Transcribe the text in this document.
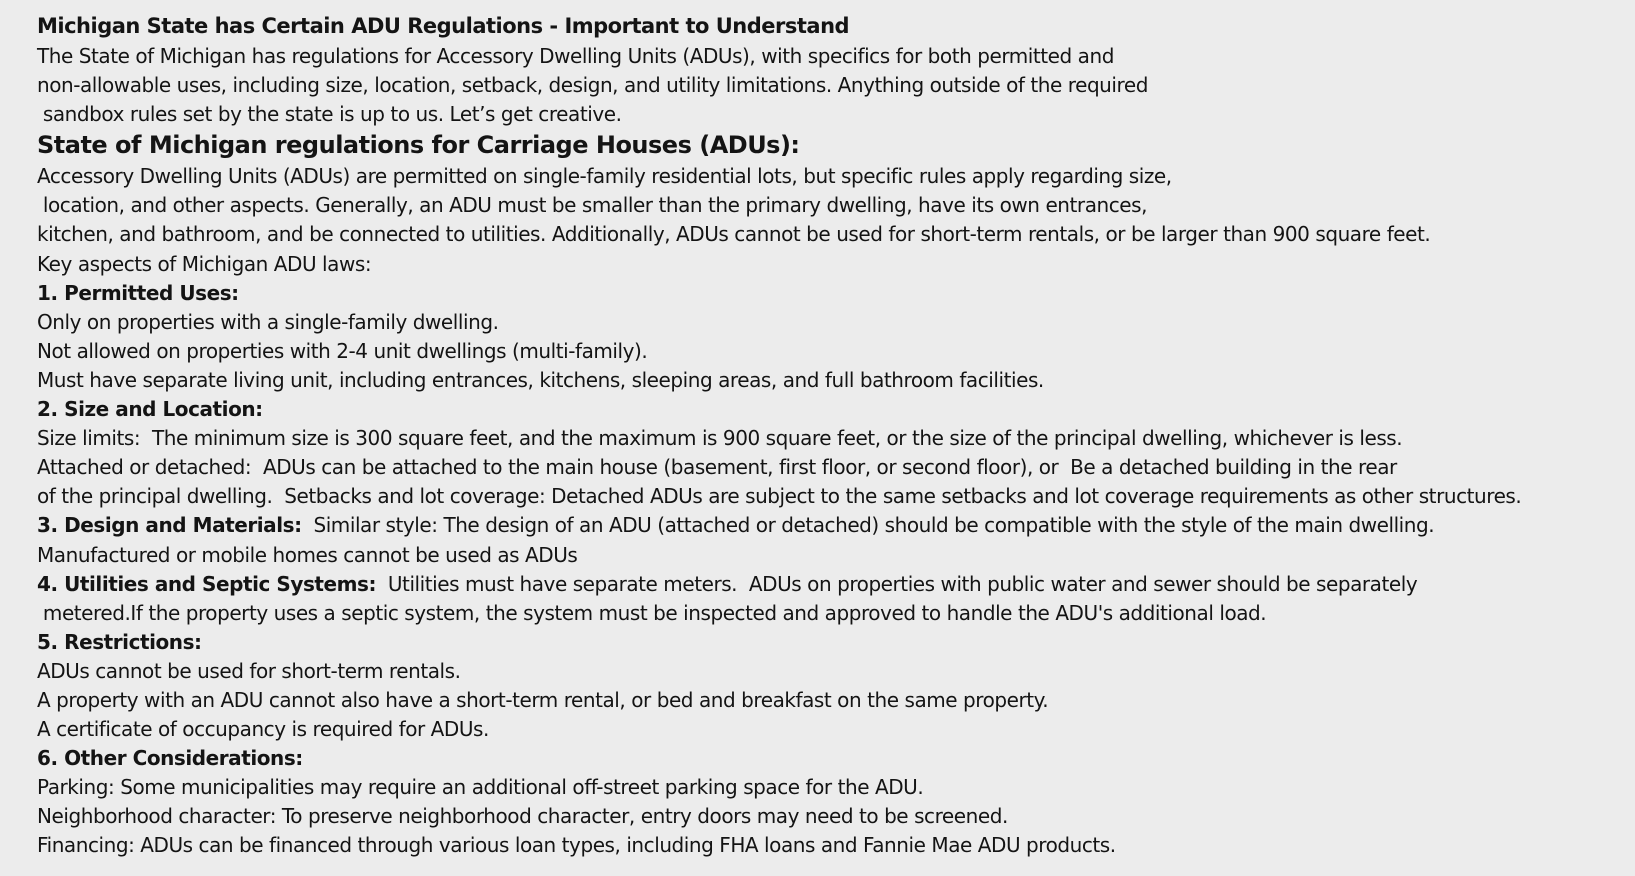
Michigan State has Certain ADU Regulations - Important to Understand
The State of Michigan has regulations for Accessory Dwelling Units (ADUs), with specifics for both permitted and
non-allowable uses, including size, location, setback, design, and utility limitations. Anything outside of the required
sandbox rules set by the state is up to us. Let’s get creative.
State of Michigan regulations for Carriage Houses (ADUs):
Accessory Dwelling Units (ADUs) are permitted on single-family residential lots, but specific rules apply regarding size,
location, and other aspects. Generally, an ADU must be smaller than the primary dwelling, have its own entrances,
kitchen, and bathroom, and be connected to utilities. Additionally, ADUs cannot be used for short-term rentals, or be larger than 900 square feet.
Key aspects of Michigan ADU laws:
1. Permitted Uses:
Only on properties with a single-family dwelling.
Not allowed on properties with 2-4 unit dwellings (multi-family).
Must have separate living unit, including entrances, kitchens, sleeping areas, and full bathroom facilities.
2. Size and Location:
Size limits:  The minimum size is 300 square feet, and the maximum is 900 square feet, or the size of the principal dwelling, whichever is less.
Attached or detached:  ADUs can be attached to the main house (basement, first floor, or second floor), or  Be a detached building in the rear
of the principal dwelling.  Setbacks and lot coverage: Detached ADUs are subject to the same setbacks and lot coverage requirements as other structures.
3. Design and Materials:  Similar style: The design of an ADU (attached or detached) should be compatible with the style of the main dwelling.
Manufactured or mobile homes cannot be used as ADUs
4. Utilities and Septic Systems:  Utilities must have separate meters.  ADUs on properties with public water and sewer should be separately
metered.If the property uses a septic system, the system must be inspected and approved to handle the ADU's additional load.
5. Restrictions:
ADUs cannot be used for short-term rentals.
A property with an ADU cannot also have a short-term rental, or bed and breakfast on the same property.
A certificate of occupancy is required for ADUs.
6. Other Considerations:
Parking: Some municipalities may require an additional off-street parking space for the ADU.
Neighborhood character: To preserve neighborhood character, entry doors may need to be screened.
Financing: ADUs can be financed through various loan types, including FHA loans and Fannie Mae ADU products.
